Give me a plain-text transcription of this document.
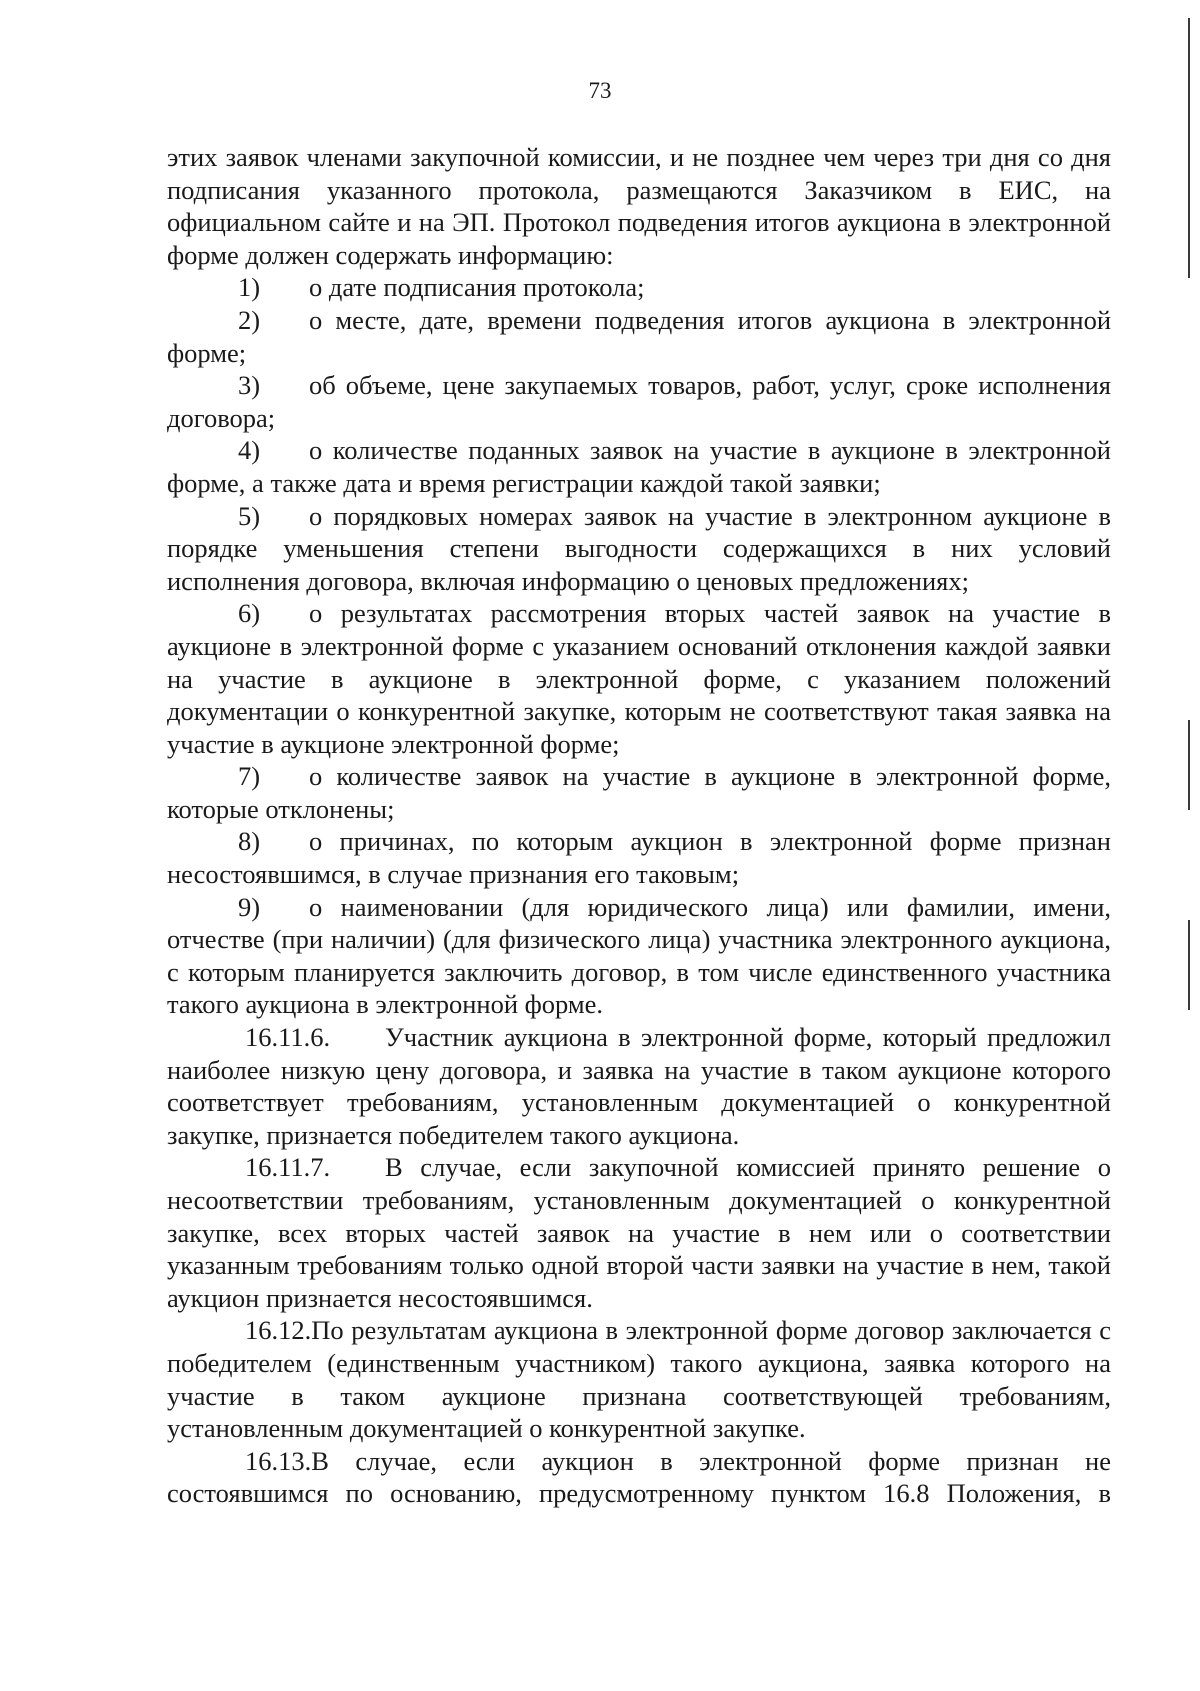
73

этих заявок членами закупочной комиссии, и не позднее чем через три дня со дня подписания указанного протокола, размещаются Заказчиком в ЕИС, на официальном сайте и на ЭП. Протокол подведения итогов аукциона в электронной форме должен содержать информацию:

1) о дате подписания протокола;

2) о месте, дате, времени подведения итогов аукциона в электронной форме;

3) об объеме, цене закупаемых товаров, работ, услуг, сроке исполнения договора;

4) о количестве поданных заявок на участие в аукционе в электронной форме, а также дата и время регистрации каждой такой заявки;

5) о порядковых номерах заявок на участие в электронном аукционе в порядке уменьшения степени выгодности содержащихся в них условий исполнения договора, включая информацию о ценовых предложениях;

6) о результатах рассмотрения вторых частей заявок на участие в аукционе в электронной форме с указанием оснований отклонения каждой заявки на участие в аукционе в электронной форме, с указанием положений документации о конкурентной закупке, которым не соответствуют такая заявка на участие в аукционе электронной форме;

7) о количестве заявок на участие в аукционе в электронной форме, которые отклонены;

8) о причинах, по которым аукцион в электронной форме признан несостоявшимся, в случае признания его таковым;

9) о наименовании (для юридического лица) или фамилии, имени, отчестве (при наличии) (для физического лица) участника электронного аукциона, с которым планируется заключить договор, в том числе единственного участника такого аукциона в электронной форме.

16.11.6. Участник аукциона в электронной форме, который предложил наиболее низкую цену договора, и заявка на участие в таком аукционе которого соответствует требованиям, установленным документацией о конкурентной закупке, признается победителем такого аукциона.

16.11.7. В случае, если закупочной комиссией принято решение о несоответствии требованиям, установленным документацией о конкурентной закупке, всех вторых частей заявок на участие в нем или о соответствии указанным требованиям только одной второй части заявки на участие в нем, такой аукцион признается несостоявшимся.

16.12.По результатам аукциона в электронной форме договор заключается с победителем (единственным участником) такого аукциона, заявка которого на участие в таком аукционе признана соответствующей требованиям, установленным документацией о конкурентной закупке.

16.13.В случае, если аукцион в электронной форме признан не состоявшимся по основанию, предусмотренному пунктом 16.8 Положения, в
